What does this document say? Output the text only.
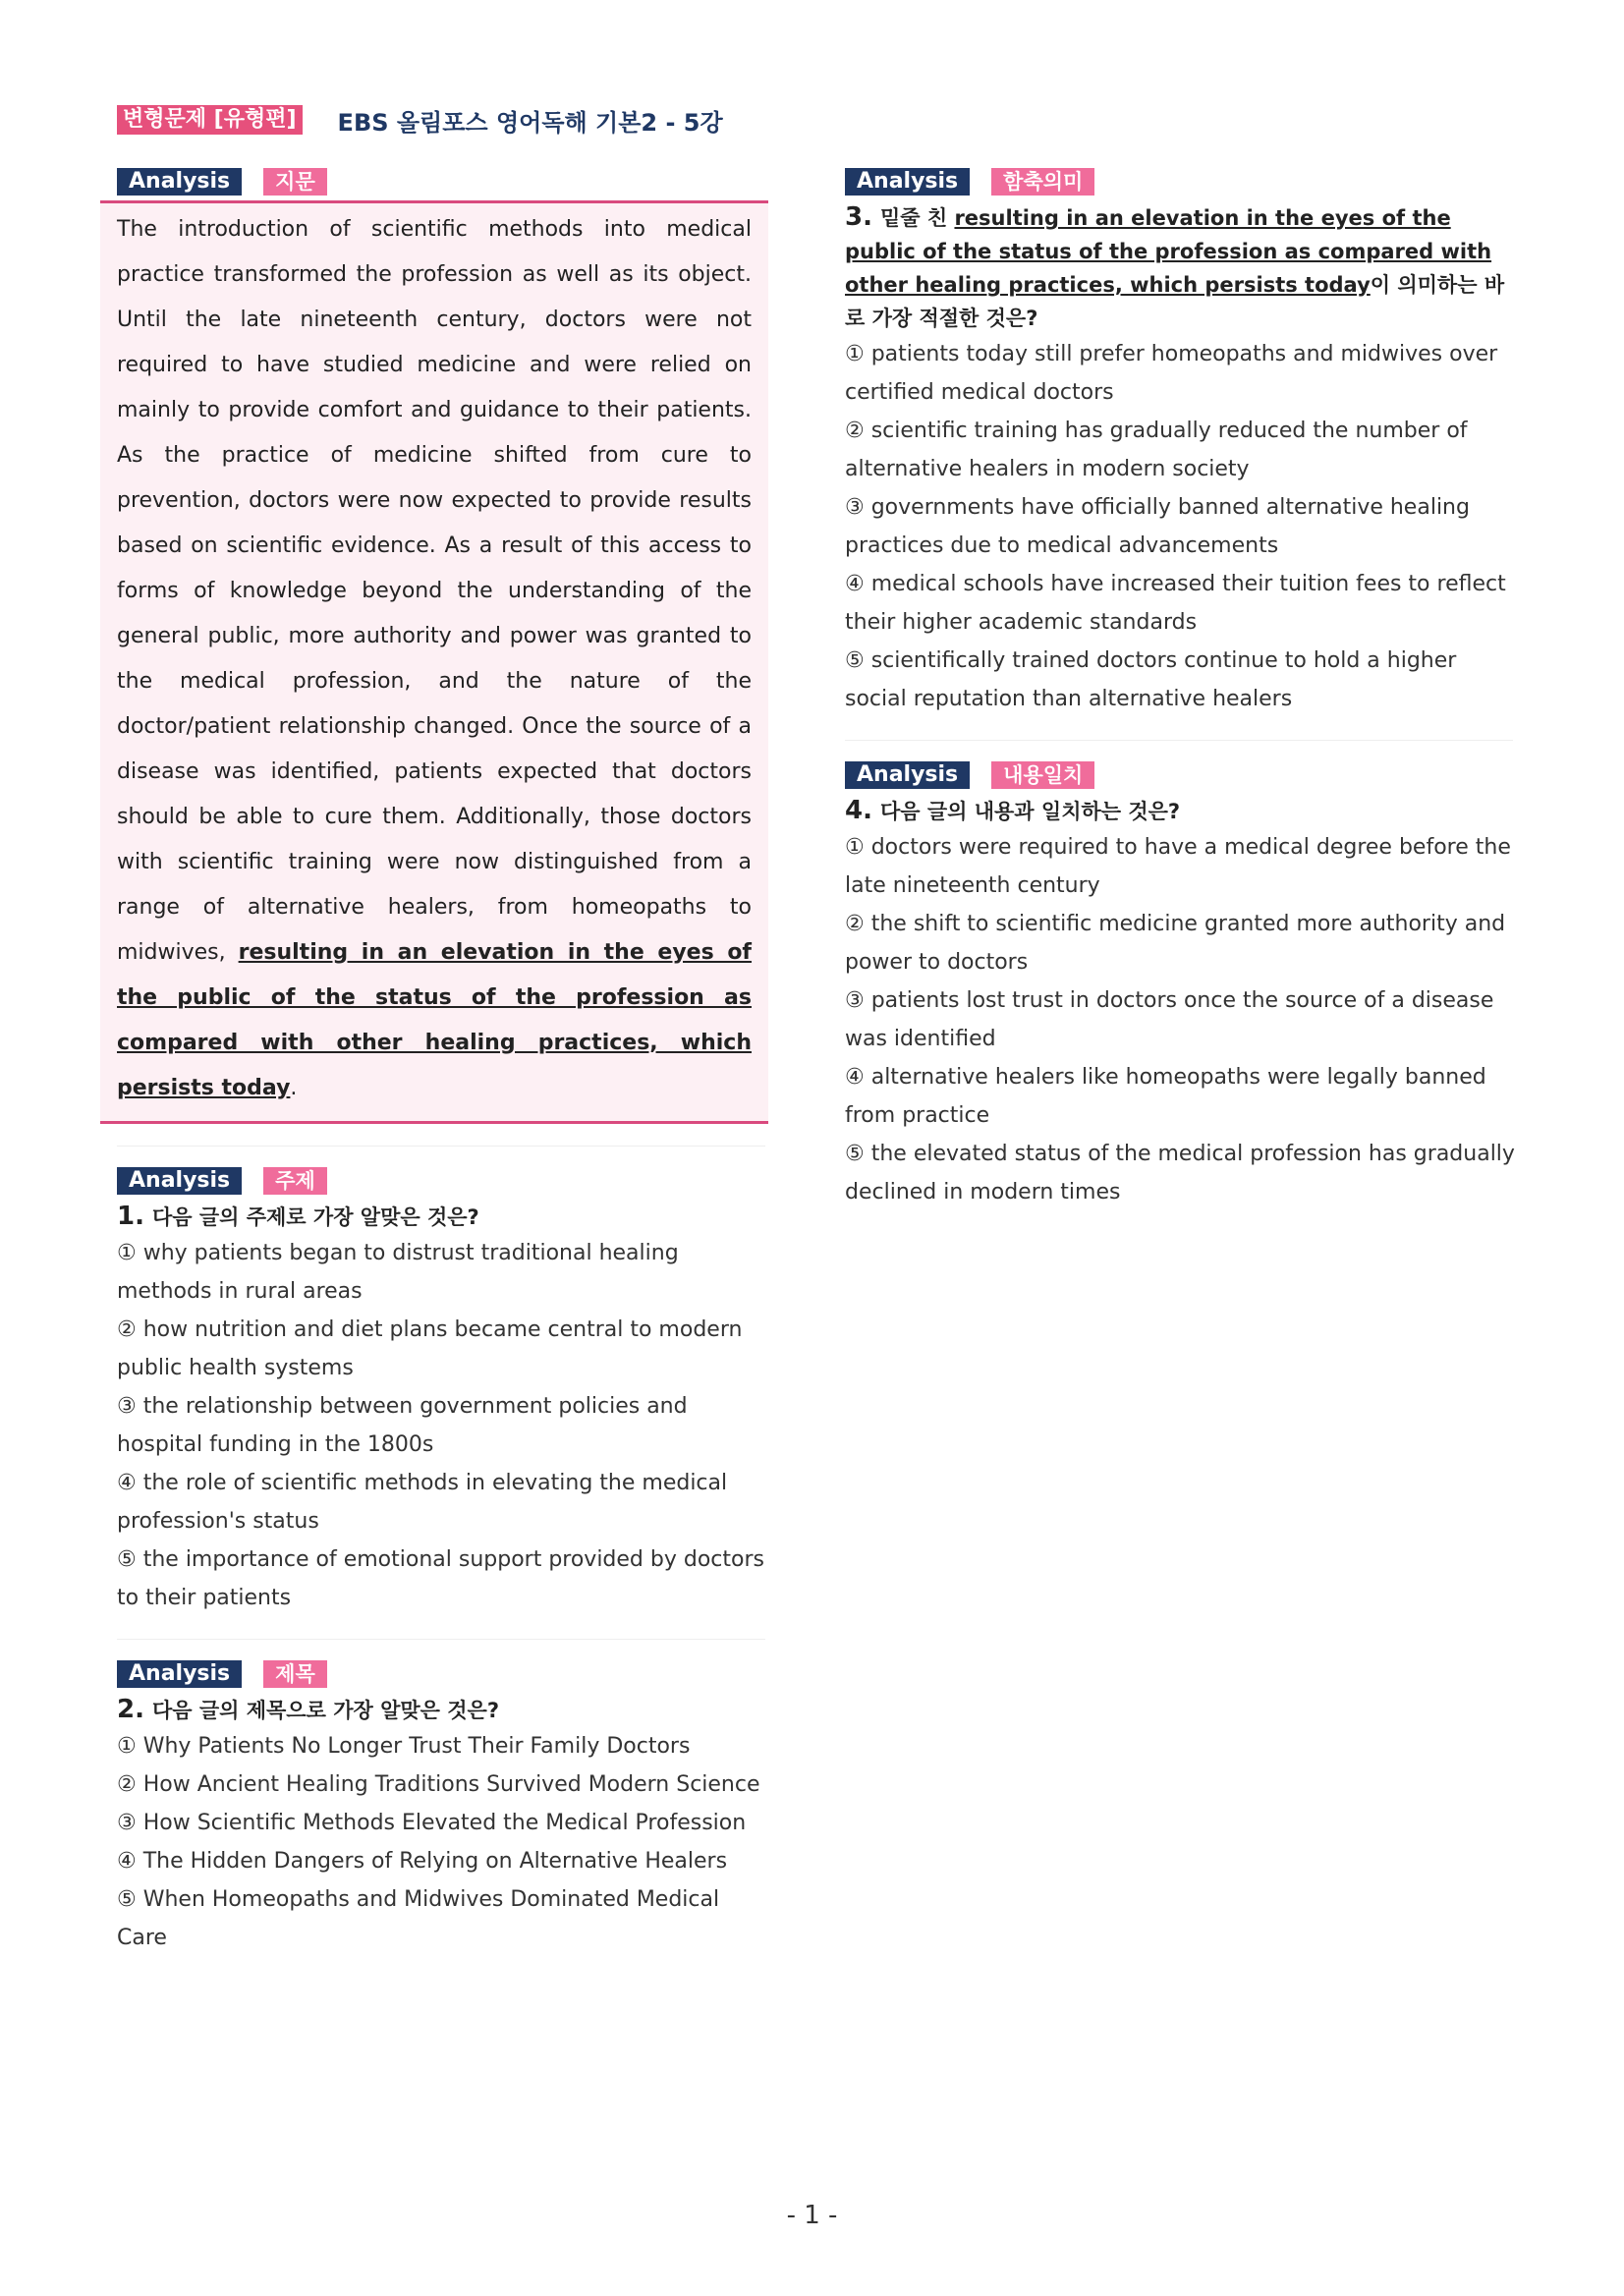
변형문제 [유형편] EBS 올림포스 영어독해 기본2 - 5강
Analysis	지문
The introduction of scientific methods into medical practice transformed the profession as well as its object. Until the late nineteenth century, doctors were not required to have studied medicine and were relied on mainly to provide comfort and guidance to their patients. As the practice of medicine shifted from cure to prevention, doctors were now expected to provide results based on scientific evidence. As a result of this access to forms of knowledge beyond the understanding of the general public, more authority and power was granted to the medical profession, and the nature of the doctor/patient relationship changed. Once the source of a disease was identified, patients expected that doctors should be able to cure them. Additionally, those doctors with scientific training were now distinguished from a range of alternative healers, from homeopaths to midwives, resulting in an elevation in the eyes of the public of the status of the profession as compared with other healing practices, which persists today.
Analysis	주제
1. 다음 글의 주제로 가장 알맞은 것은?
① why patients began to distrust traditional healing methods in rural areas
② how nutrition and diet plans became central to modern public health systems
③ the relationship between government policies and hospital funding in the 1800s
④ the role of scientific methods in elevating the medical profession's status
⑤ the importance of emotional support provided by doctors to their patients
Analysis	제목
2. 다음 글의 제목으로 가장 알맞은 것은?
① Why Patients No Longer Trust Their Family Doctors
② How Ancient Healing Traditions Survived Modern Science
③ How Scientific Methods Elevated the Medical Profession
④ The Hidden Dangers of Relying on Alternative Healers
⑤ When Homeopaths and Midwives Dominated Medical Care
Analysis	함축의미
3. 밑줄 친 resulting in an elevation in the eyes of the public of the status of the profession as compared with other healing practices, which persists today이 의미하는 바로 가장 적절한 것은?
① patients today still prefer homeopaths and midwives over certified medical doctors
② scientific training has gradually reduced the number of alternative healers in modern society
③ governments have officially banned alternative healing practices due to medical advancements
④ medical schools have increased their tuition fees to reflect their higher academic standards
⑤ scientifically trained doctors continue to hold a higher social reputation than alternative healers
Analysis	내용일치
4. 다음 글의 내용과 일치하는 것은?
① doctors were required to have a medical degree before the late nineteenth century
② the shift to scientific medicine granted more authority and power to doctors
③ patients lost trust in doctors once the source of a disease was identified
④ alternative healers like homeopaths were legally banned from practice
⑤ the elevated status of the medical profession has gradually declined in modern times
- 1 -
